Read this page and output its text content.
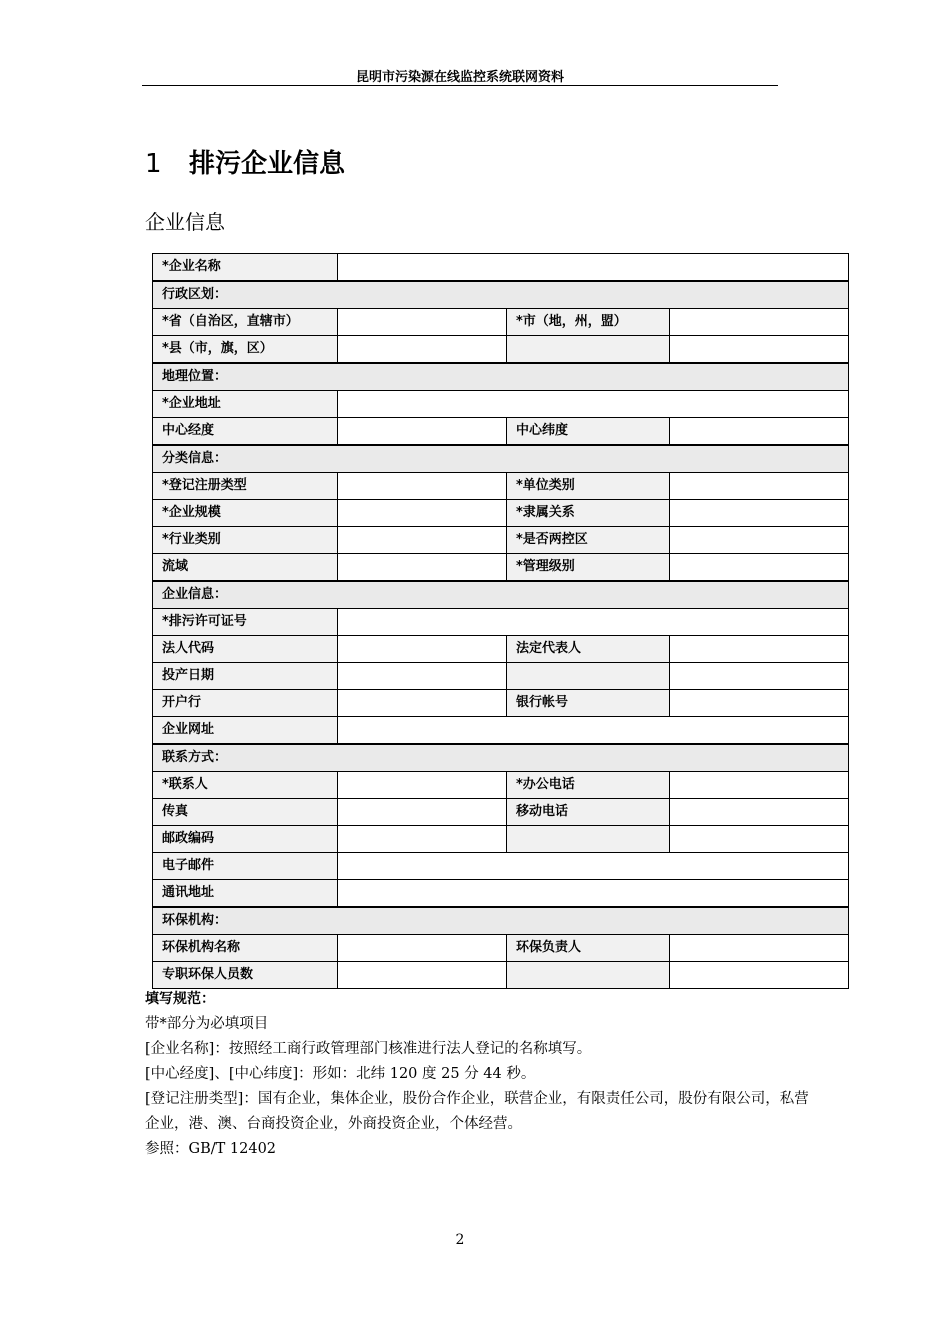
昆明市污染源在线监控系统联网资料
1 排污企业信息
企业信息
*企业名称			
行政区划：			
*省（自治区，直辖市）		*市（地，州，盟）	
*县（市，旗，区）			
地理位置：			
*企业地址			
中心经度		中心纬度	
分类信息：			
*登记注册类型		*单位类别	
*企业规模		*隶属关系	
*行业类别		*是否两控区	
流域		*管理级别	
企业信息：			
*排污许可证号			
法人代码		法定代表人	
投产日期			
开户行		银行帐号	
企业网址			
联系方式：			
*联系人		*办公电话	
传真		移动电话	
邮政编码			
电子邮件			
通讯地址			
环保机构：			
环保机构名称		环保负责人	
专职环保人员数			

填写规范：

带*部分为必填项目

[企业名称]：按照经工商行政管理部门核准进行法人登记的名称填写。

[中心经度]、[中心纬度]：形如：北纬 120 度 25 分 44 秒。

[登记注册类型]：国有企业，集体企业，股份合作企业，联营企业，有限责任公司，股份有限公司，私营企业，港、澳、台商投资企业，外商投资企业，个体经营。

参照：GB/T 12402

2
